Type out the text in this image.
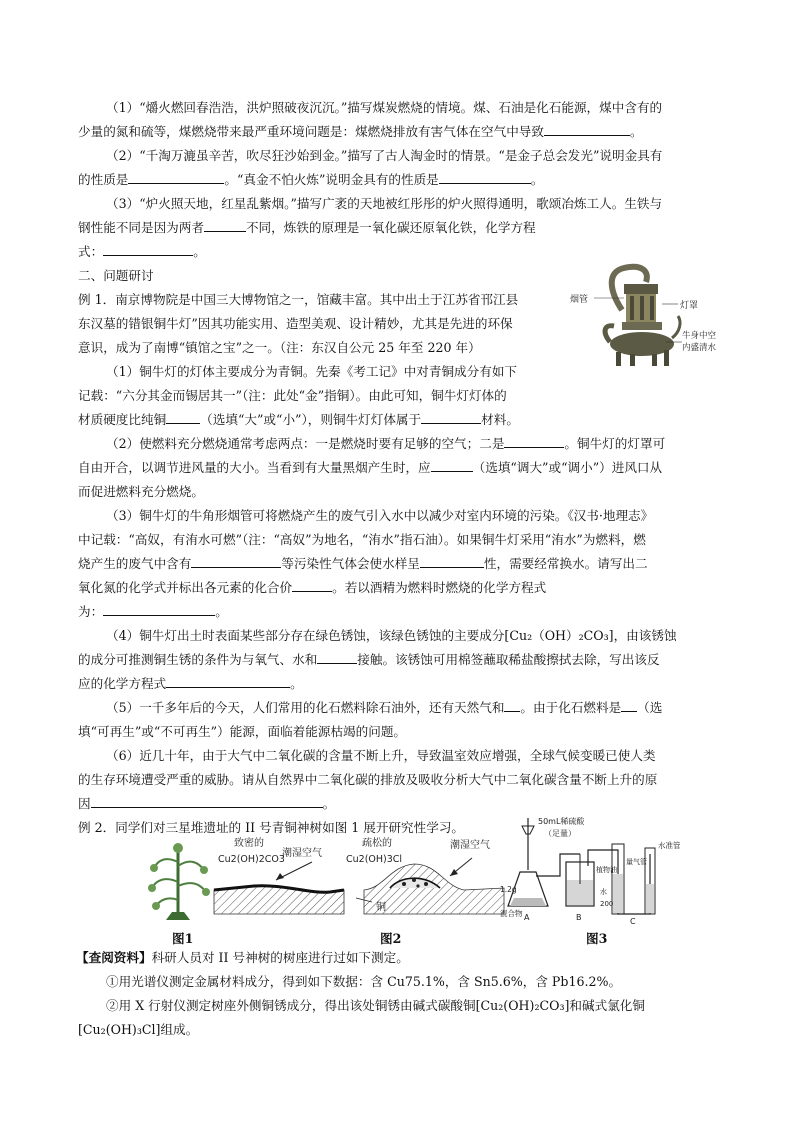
（1）“爝火燃回春浩浩，洪炉照破夜沉沉。”描写煤炭燃烧的情境。煤、石油是化石能源，煤中含有的
少量的氮和硫等，煤燃烧带来最严重环境问题是：煤燃烧排放有害气体在空气中导致	。
（2）“千淘万漉虽辛苦，吹尽狂沙始到金。”描写了古人淘金时的情景。“是金子总会发光”说明金具有
的性质是	。“真金不怕火炼”说明金具有的性质是	。
（3）“炉火照天地，红星乱紫烟。”描写广袤的天地被红彤彤的炉火照得通明，歌颂冶炼工人。生铁与
钢性能不同是因为两者	不同，炼铁的原理是一氧化碳还原氧化铁，化学方程
式：	。
二、问题研讨
例 1．南京博物院是中国三大博物馆之一，馆藏丰富。其中出土于江苏省邗江县
东汉墓的错银铜牛灯”因其功能实用、造型美观、设计精妙，尤其是先进的环保
意识，成为了南博“镇馆之宝”之一。（注：东汉自公元 25 年至 220 年）
（1）铜牛灯的灯体主要成分为青铜。先秦《考工记》中对青铜成分有如下
记载：“六分其金而锡居其一”（注：此处“金”指铜）。由此可知，铜牛灯灯体的
材质硬度比纯铜	（选填“大”或“小”），则铜牛灯灯体属于	材料。
烟管
灯罩
牛身中空
内盛清水
（2）使燃料充分燃烧通常考虑两点：一是燃烧时要有足够的空气；二是	。铜牛灯的灯罩可
自由开合，以调节进风量的大小。当看到有大量黑烟产生时，应	（选填“调大”或“调小”）进风口从
而促进燃料充分燃烧。
（3）铜牛灯的牛角形烟管可将燃烧产生的废气引入水中以减少对室内环境的污染。《汉书·地理志》
中记载：“高奴，有洧水可燃”（注：“高奴”为地名，“洧水”指石油）。如果铜牛灯采用“洧水”为燃料，燃
烧产生的废气中含有	等污染性气体会使水样呈	性，需要经常换水。请写出二
氧化氮的化学式并标出各元素的化合价	。若以酒精为燃料时燃烧的化学方程式
为：	。
（4）铜牛灯出土时表面某些部分存在绿色锈蚀，该绿色锈蚀的主要成分[Cu₂（OH）₂CO₃]，由该锈蚀
的成分可推测铜生锈的条件为与氧气、水和	接触。该锈蚀可用棉签蘸取稀盐酸擦拭去除，写出该反
应的化学方程式	。
（5）一千多年后的今天，人们常用的化石燃料除石油外，还有天然气和 。由于化石燃料是 （选
填“可再生”或“不可再生”）能源，面临着能源枯竭的问题。
（6）近几十年，由于大气中二氧化碳的含量不断上升，导致温室效应增强，全球气候变暖已使人类
的生存环境遭受严重的威胁。请从自然界中二氧化碳的排放及吸收分析大气中二氧化碳含量不断上升的原
因	。
例 2．同学们对三星堆遗址的 II 号青铜神树如图 1 展开研究性学习。
图1
致密的
Cu2(OH)2CO3
潮湿空气
疏松的
Cu2(OH)3Cl
潮湿空气
铜
图2
50mL稀硫酸
（足量）
1.2g
混合物
植物油
水
200
量气管
水准管
A	B	C
图3
【查阅资料】科研人员对 II 号神树的树座进行过如下测定。
①用光谱仪测定金属材料成分，得到如下数据：含 Cu75.1%，含 Sn5.6%，含 Pb16.2%。
②用 X 行射仪测定树座外侧铜锈成分，得出该处铜锈由碱式碳酸铜[Cu₂(OH)₂CO₃]和碱式氯化铜
[Cu₂(OH)₃Cl]组成。
